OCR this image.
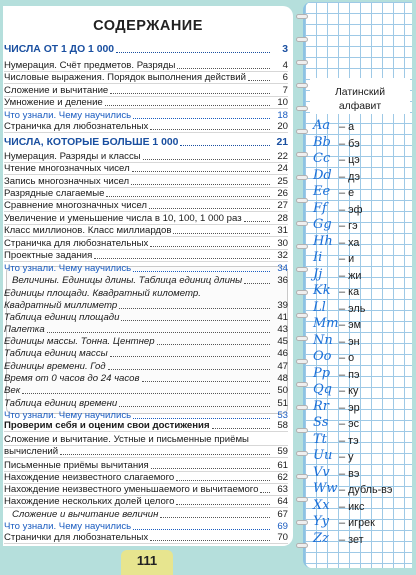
СОДЕРЖАНИЕ
ЧИСЛА ОТ 1 ДО 1 000	3
Нумерация. Счёт предметов. Разряды	4
Числовые выражения. Порядок выполнения действий	6
Сложение и вычитание	7
Умножение и деление	10
Что узнали. Чему научились	18
Страничка для любознательных	20
ЧИСЛА, КОТОРЫЕ БОЛЬШЕ 1 000	21
Нумерация. Разряды и классы	22
Чтение многозначных чисел	24
Запись многозначных чисел	25
Разрядные слагаемые	26
Сравнение многозначных чисел	27
Увеличение и уменьшение числа в 10, 100, 1 000 раз	28
Класс миллионов. Класс миллиардов	31
Страничка для любознательных	30
Проектные задания	32
Что узнали. Чему научились	34
Величины. Единицы длины. Таблица единиц длины	36
Единицы площади. Квадратный километр.
Квадратный миллиметр	39
Таблица единиц площади	41
Палетка	43
Единицы массы. Тонна. Центнер	45
Таблица единиц массы	46
Единицы времени. Год	47
Время от 0 часов до 24 часов	48
Век	50
Таблица единиц времени	51
Что узнали. Чему научились	53
Проверим себя и оценим свои достижения	58
Сложение и вычитание. Устные и письменные приёмы
вычислений	59
Письменные приёмы вычитания	61
Нахождение неизвестного слагаемого	62
Нахождение неизвестного уменьшаемого и вычитаемого	63
Нахождение нескольких долей целого	64
Сложение и вычитание величин	67
Что узнали. Чему научились	69
Странички для любознательных	70
111
Латинский
алфавит
Aa – а
Bb – бэ
Cc – цэ
Dd – дэ
Ee – е
Ff	– эф
Gg – гэ
Hh – ха
Ii	– и
Jj	– жи
Kk – ка
Ll	– эль
Mm – эм
Nn – эн
Oo – о
Pp – пэ
Qq – ку
Rr – эр
Ss – эс
Tt	– тэ
Uu – у
Vv – вэ
Ww – дубль-вэ
Xx – икс
Yy – игрек
Zz – зет
